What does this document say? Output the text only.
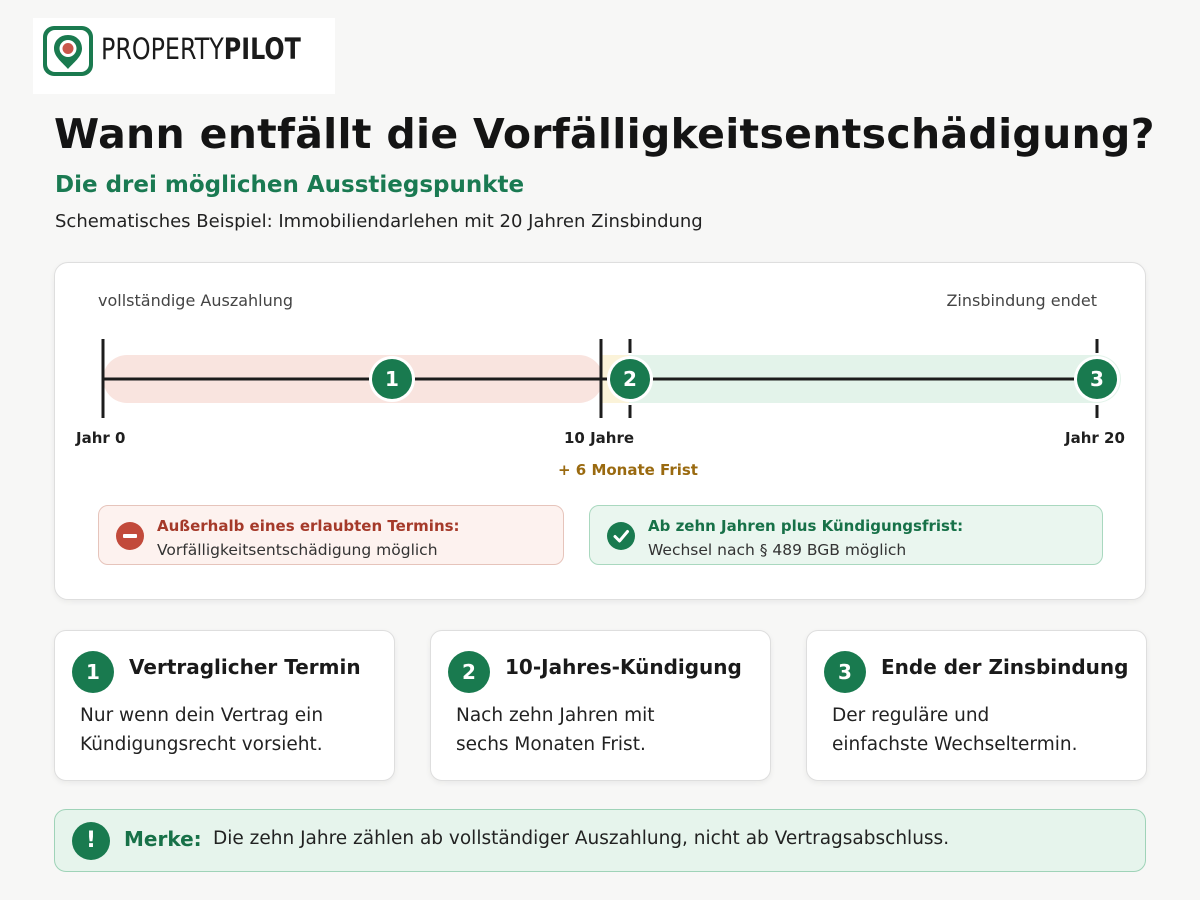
PROPERTYPILOT
Wann entfällt die Vorfälligkeitsentschädigung?
Die drei möglichen Ausstiegspunkte
Schematisches Beispiel: Immobiliendarlehen mit 20 Jahren Zinsbindung
1	2	3
vollständige Auszahlung	Zinsbindung endet
Jahr 0	10 Jahre	Jahr 20
+ 6 Monate Frist
Außerhalb eines erlaubten Termins:
Vorfälligkeitsentschädigung möglich
Ab zehn Jahren plus Kündigungsfrist:
Wechsel nach § 489 BGB möglich
1	Vertraglicher Termin
Nur wenn dein Vertrag ein
Kündigungsrecht vorsieht.
2	10-Jahres-Kündigung
Nach zehn Jahren mit
sechs Monaten Frist.
3	Ende der Zinsbindung
Der reguläre und
einfachste Wechseltermin.
!	Merke: Die zehn Jahre zählen ab vollständiger Auszahlung, nicht ab Vertragsabschluss.
